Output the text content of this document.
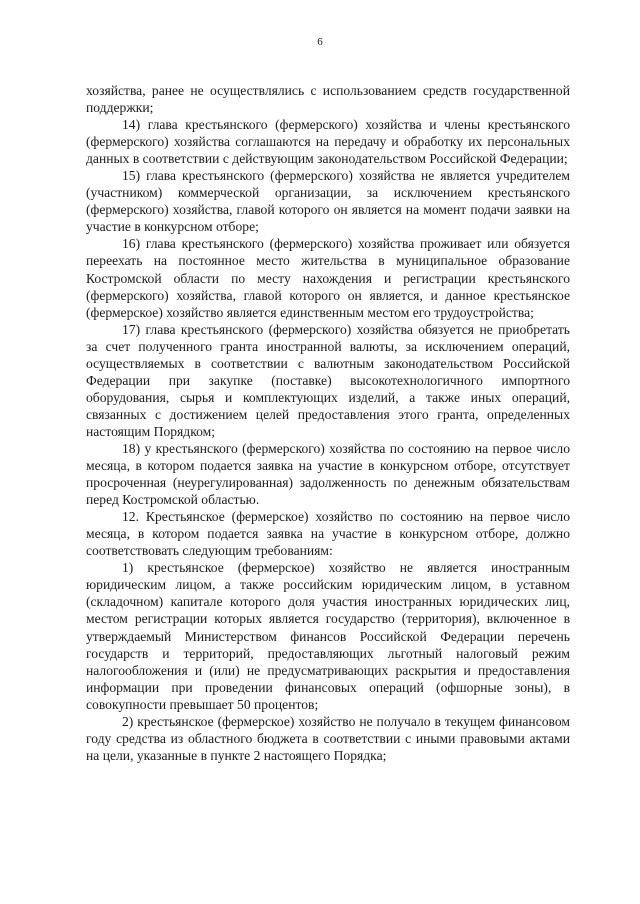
6

хозяйства, ранее не осуществлялись с использованием средств государственной поддержки;

14) глава крестьянского (фермерского) хозяйства и члены крестьянского (фермерского) хозяйства соглашаются на передачу и обработку их персональных данных в соответствии с действующим законодательством Российской Федерации;

15) глава крестьянского (фермерского) хозяйства не является учредителем (участником) коммерческой организации, за исключением крестьянского (фермерского) хозяйства, главой которого он является на момент подачи заявки на участие в конкурсном отборе;

16) глава крестьянского (фермерского) хозяйства проживает или обязуется переехать на постоянное место жительства в муниципальное образование Костромской области по месту нахождения и регистрации крестьянского (фермерского) хозяйства, главой которого он является, и данное крестьянское (фермерское) хозяйство является единственным местом его трудоустройства;

17) глава крестьянского (фермерского) хозяйства обязуется не приобретать за счет полученного гранта иностранной валюты, за исключением операций, осуществляемых в соответствии с валютным законодательством Российской Федерации при закупке (поставке) высокотехнологичного импортного оборудования, сырья и комплектующих изделий, а также иных операций, связанных с достижением целей предоставления этого гранта, определенных настоящим Порядком;

18) у крестьянского (фермерского) хозяйства по состоянию на первое число месяца, в котором подается заявка на участие в конкурсном отборе, отсутствует просроченная (неурегулированная) задолженность по денежным обязательствам перед Костромской областью.

12. Крестьянское (фермерское) хозяйство по состоянию на первое число месяца, в котором подается заявка на участие в конкурсном отборе, должно соответствовать следующим требованиям:

1) крестьянское (фермерское) хозяйство не является иностранным юридическим лицом, а также российским юридическим лицом, в уставном (складочном) капитале которого доля участия иностранных юридических лиц, местом регистрации которых является государство (территория), включенное в утверждаемый Министерством финансов Российской Федерации перечень государств и территорий, предоставляющих льготный налоговый режим налогообложения и (или) не предусматривающих раскрытия и предоставления информации при проведении финансовых операций (офшорные зоны), в совокупности превышает 50 процентов;

2) крестьянское (фермерское) хозяйство не получало в текущем финансовом году средства из областного бюджета в соответствии с иными правовыми актами на цели, указанные в пункте 2 настоящего Порядка;
